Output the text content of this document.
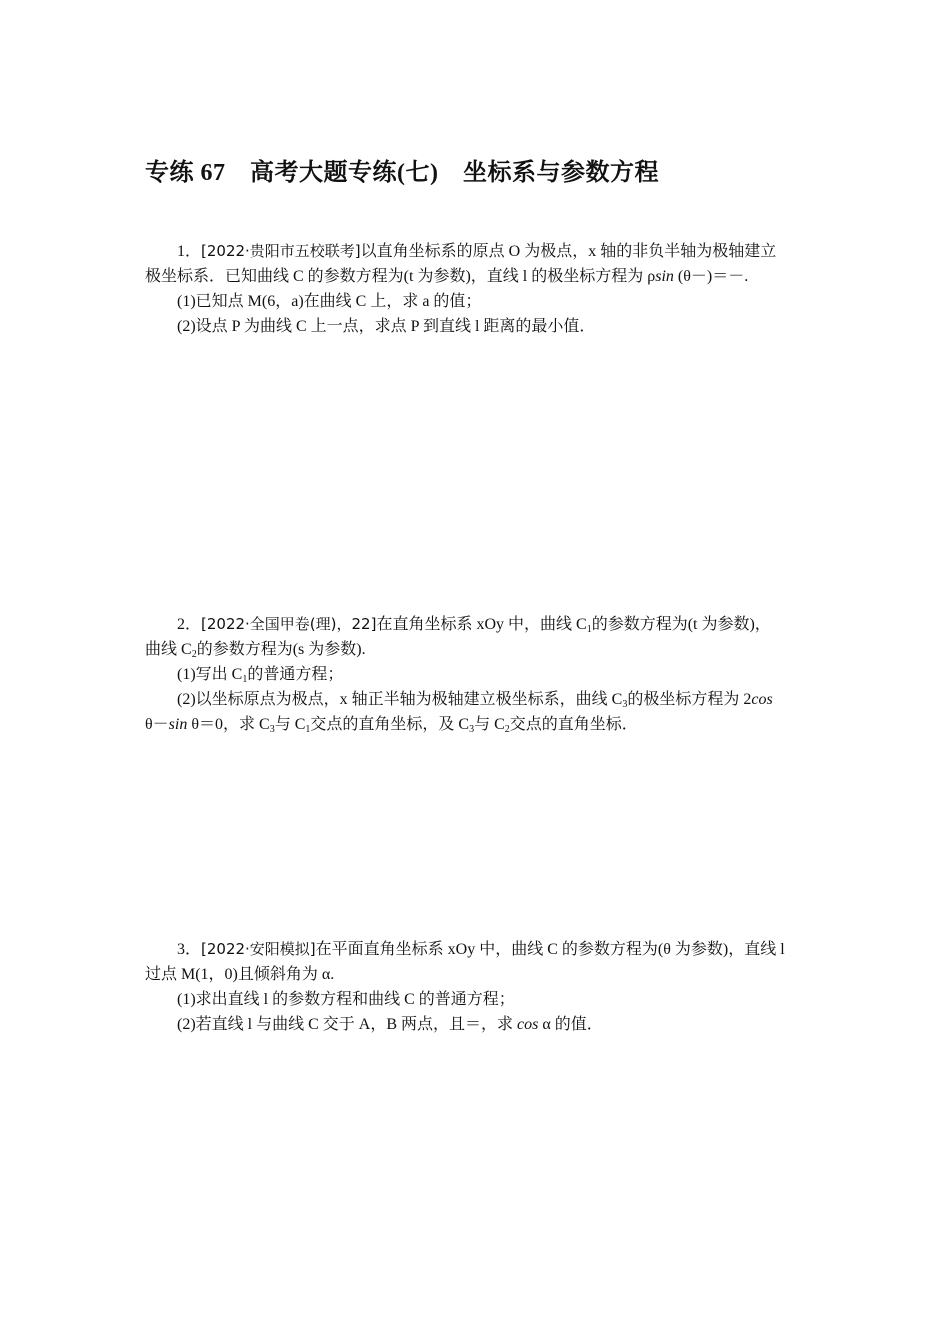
专练 67　高考大题专练(七)　坐标系与参数方程
1．[2022·贵阳市五校联考]以直角坐标系的原点 O 为极点，x 轴的非负半轴为极轴建立
极坐标系．已知曲线 C 的参数方程为(t 为参数)，直线 l 的极坐标方程为 ρsin (θ－)＝－.
(1)已知点 M(6，a)在曲线 C 上，求 a 的值；
(2)设点 P 为曲线 C 上一点，求点 P 到直线 l 距离的最小值．
2．[2022·全国甲卷(理)，22]在直角坐标系 xOy 中，曲线 $C_1$的参数方程为(t 为参数)，
曲线 $C_2$的参数方程为(s 为参数).
(1)写出 $C_1$的普通方程；
(2)以坐标原点为极点，x 轴正半轴为极轴建立极坐标系，曲线 $C_3$的极坐标方程为 2cos
θ－sin θ＝0，求 $C_3$与 $C_1$交点的直角坐标，及 $C_3$与 $C_2$交点的直角坐标．
3．[2022·安阳模拟]在平面直角坐标系 xOy 中，曲线 C 的参数方程为(θ 为参数)，直线 l
过点 M(1，0)且倾斜角为 α.
(1)求出直线 l 的参数方程和曲线 C 的普通方程；
(2)若直线 l 与曲线 C 交于 A，B 两点，且＝，求 cos α 的值．
